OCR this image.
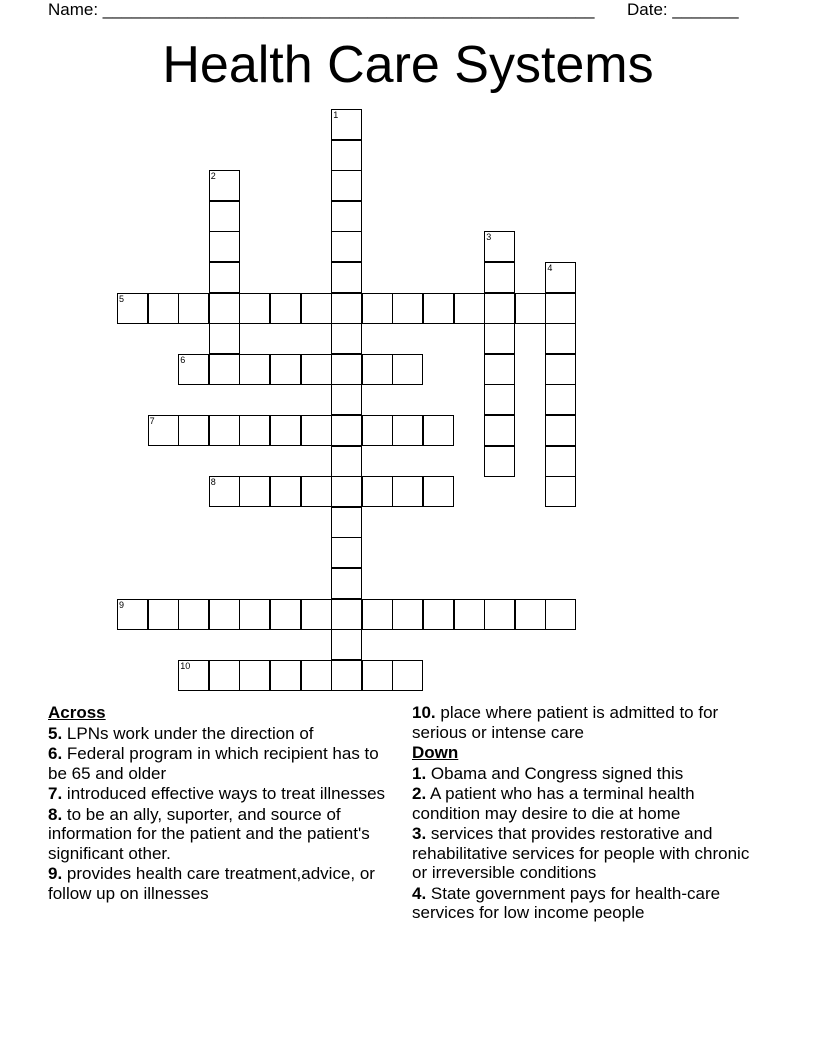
Name: ____________________________________________________ Date: _______
Health Care Systems
1
2
3
4
5
6
7
8
9
10
Across
5. LPNs work under the direction of
6. Federal program in which recipient has to be 65 and older
7. introduced effective ways to treat illnesses
8. to be an ally, suporter, and source of information for the patient and the patient's significant other.
9. provides health care treatment,advice, or follow up on illnesses
10. place where patient is admitted to for serious or intense care
Down
1. Obama and Congress signed this
2. A patient who has a terminal health condition may desire to die at home
3. services that provides restorative and rehabilitative services for people with chronic or irreversible conditions
4. State government pays for health-care services for low income people
